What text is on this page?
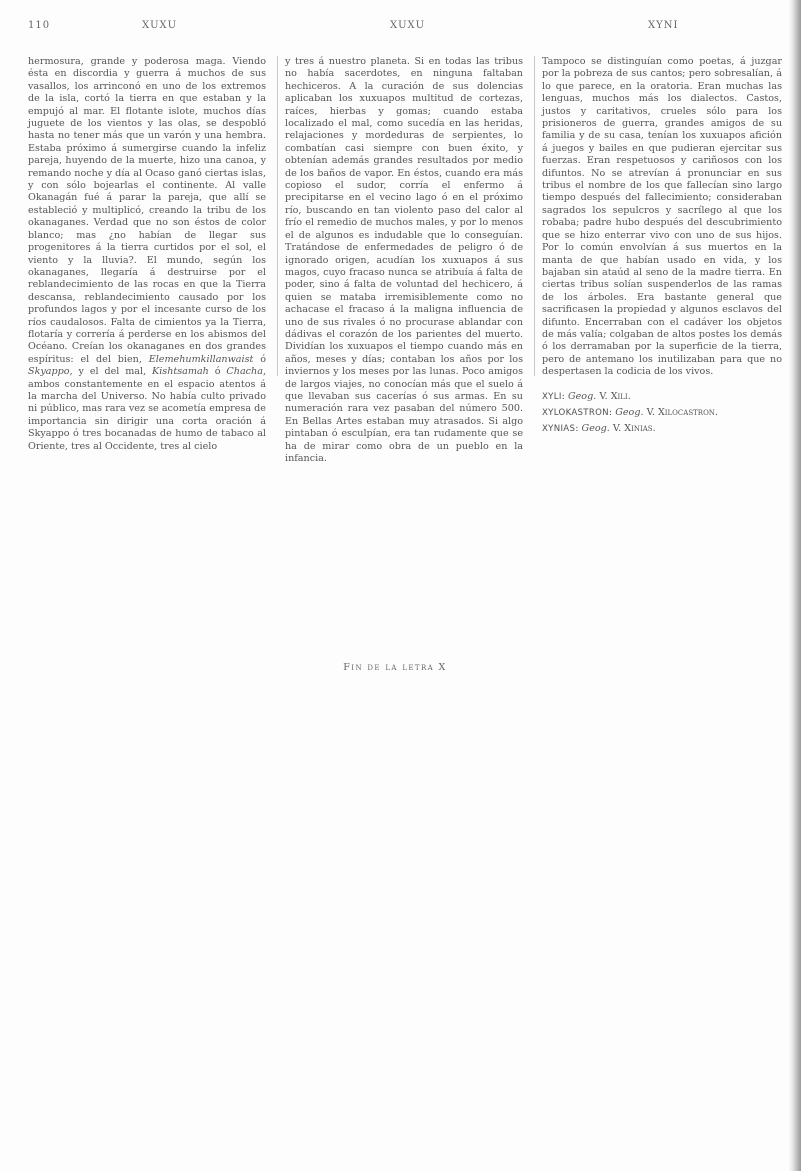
110	XUXU	XUXU	XYNI

hermosura, grande y poderosa maga. Viendo ésta en discordia y guerra á muchos de sus vasallos, los arrinconó en uno de los extremos de la isla, cortó la tierra en que estaban y la empujó al mar. El flotante islote, muchos días juguete de los vientos y las olas, se despobló hasta no tener más que un varón y una hembra. Estaba próximo á sumergirse cuando la infeliz pareja, huyendo de la muerte, hizo una canoa, y remando noche y día al Ocaso ganó ciertas islas, y con sólo bojearlas el continente. Al valle Okanagán fué á parar la pareja, que allí se estableció y multiplicó, creando la tribu de los okanaganes. Verdad que no son éstos de color blanco; mas ¿no habían de llegar sus progenitores á la tierra curtidos por el sol, el viento y la lluvia?. El mundo, según los okanaganes, llegaría á destruirse por el reblandecimiento de las rocas en que la Tierra descansa, reblandecimiento causado por los profundos lagos y por el incesante curso de los ríos caudalosos. Falta de cimientos ya la Tierra, flotaría y correría á perderse en los abismos del Océano. Creían los okanaganes en dos grandes espíritus: el del bien, Elemehumkillanwaist ó Skyappo, y el del mal, Kishtsamah ó Chacha, ambos constantemente en el espacio atentos á la marcha del Universo. No había culto privado ni público, mas rara vez se acometía empresa de importancia sin dirigir una corta oración á Skyappo ó tres bocanadas de humo de tabaco al Oriente, tres al Occidente, tres al cielo

y tres á nuestro planeta. Si en todas las tribus no había sacerdotes, en ninguna faltaban hechiceros. A la curación de sus dolencias aplicaban los xuxuapos multitud de cortezas, raíces, hierbas y gomas; cuando estaba localizado el mal, como sucedía en las heridas, relajaciones y mordeduras de serpientes, lo combatían casi siempre con buen éxito, y obtenían además grandes resultados por medio de los baños de vapor. En éstos, cuando era más copioso el sudor, corría el enfermo á precipitarse en el vecino lago ó en el próximo río, buscando en tan violento paso del calor al frío el remedio de muchos males, y por lo menos el de algunos es indudable que lo conseguían. Tratándose de enfermedades de peligro ó de ignorado origen, acudían los xuxuapos á sus magos, cuyo fracaso nunca se atribuía á falta de poder, sino á falta de voluntad del hechicero, á quien se mataba irremisiblemente como no achacase el fracaso á la maligna influencia de uno de sus rivales ó no procurase ablandar con dádivas el corazón de los parientes del muerto. Dividían los xuxuapos el tiempo cuando más en años, meses y días; contaban los años por los inviernos y los meses por las lunas. Poco amigos de largos viajes, no conocían más que el suelo á que llevaban sus cacerías ó sus armas. En su numeración rara vez pasaban del número 500. En Bellas Artes estaban muy atrasados. Si algo pintaban ó esculpían, era tan rudamente que se ha de mirar como obra de un pueblo en la infancia.

Tampoco se distinguían como poetas, á juzgar por la pobreza de sus cantos; pero sobresalían, á lo que parece, en la oratoria. Eran muchas las lenguas, muchos más los dialectos. Castos, justos y caritativos, crueles sólo para los prisioneros de guerra, grandes amigos de su familia y de su casa, tenían los xuxuapos afición á juegos y bailes en que pudieran ejercitar sus fuerzas. Eran respetuosos y cariñosos con los difuntos. No se atrevían á pronunciar en sus tribus el nombre de los que fallecían sino largo tiempo después del fallecimiento; consideraban sagrados los sepulcros y sacrílego al que los robaba; padre hubo después del descubrimiento que se hizo enterrar vivo con uno de sus hijos. Por lo común envolvían á sus muertos en la manta de que habían usado en vida, y los bajaban sin ataúd al seno de la madre tierra. En ciertas tribus solían suspenderlos de las ramas de los árboles. Era bastante general que sacrificasen la propiedad y algunos esclavos del difunto. Encerraban con el cadáver los objetos de más valía; colgaban de altos postes los demás ó los derramaban por la superficie de la tierra, pero de antemano los inutilizaban para que no despertasen la codicia de los vivos.

XYLI: Geog. V. Xili.
XYLOKASTRON: Geog. V. Xilocastron.
XYNIAS: Geog. V. Xinias.
Fin de la letra X
